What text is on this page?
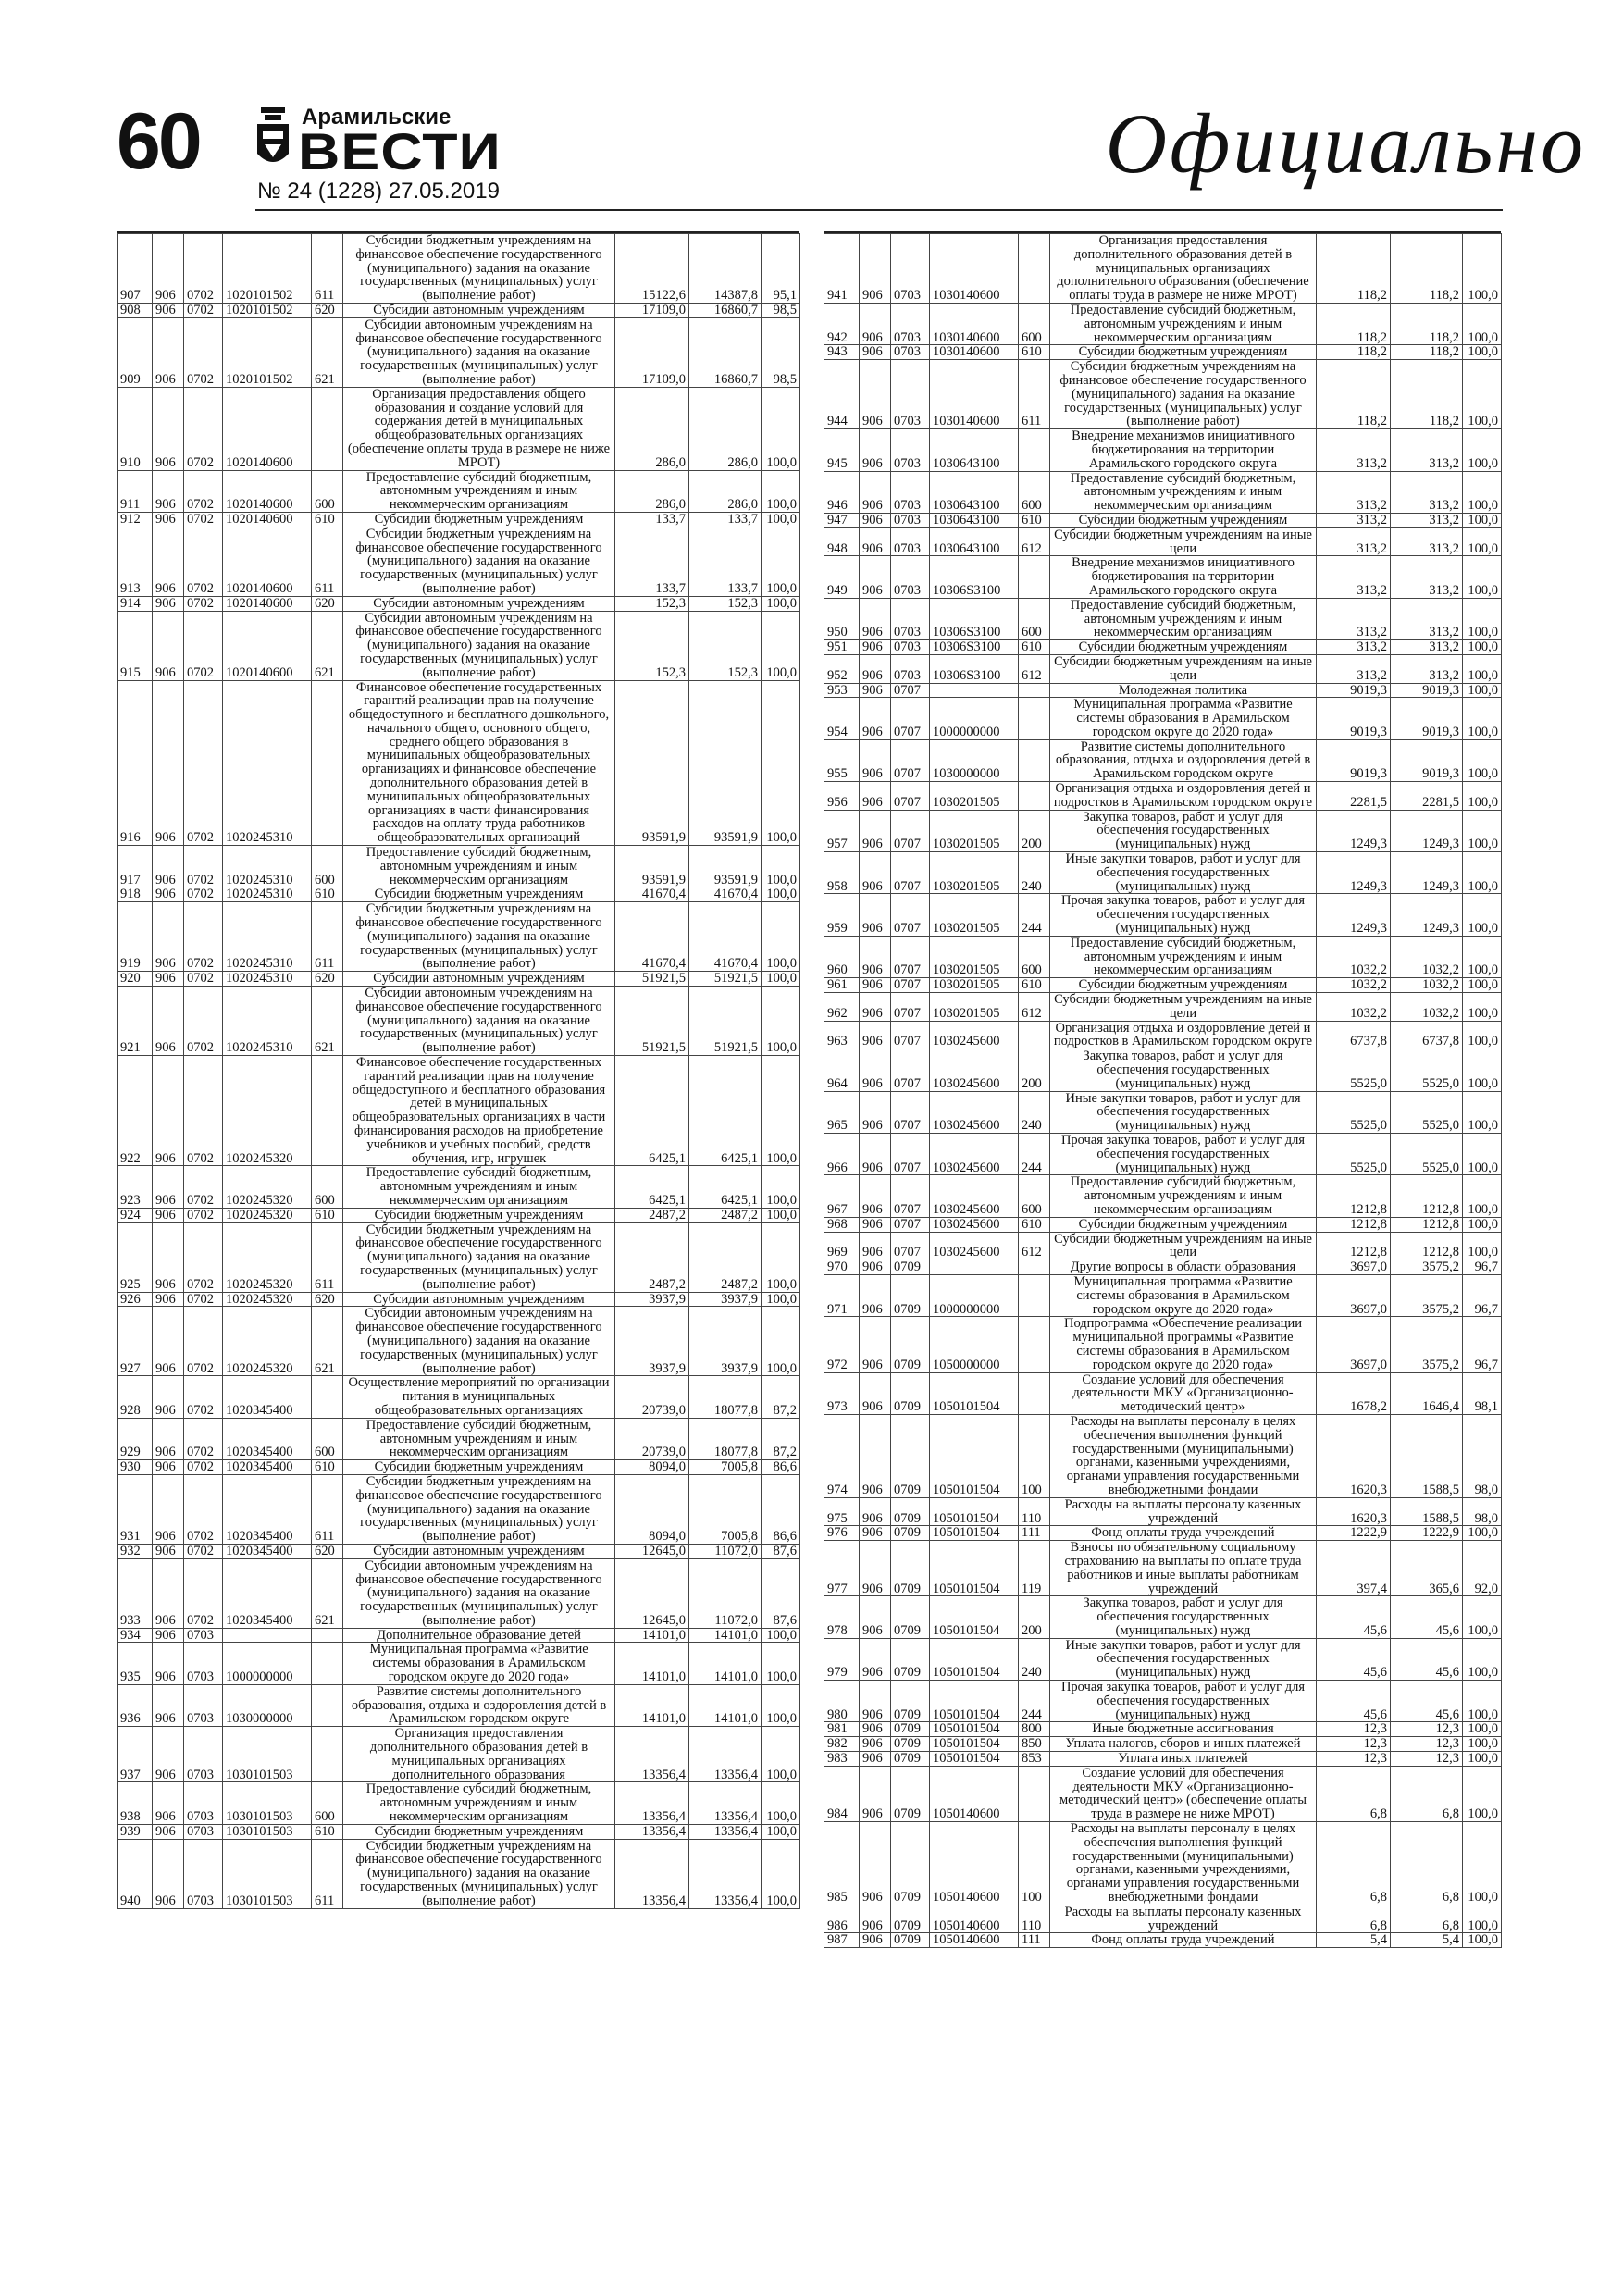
60	Арамильские
ВЕСТИ
№ 24 (1228) 27.05.2019
Официально
907	906	0702	1020101502	611	Субсидии бюджетным учреждениям на финансовое обеспечение государственного (муниципального) задания на оказание государственных (муниципальных) услуг (выполнение работ)	15122,6	14387,8	95,1
908	906	0702	1020101502	620	Субсидии автономным учреждениям	17109,0	16860,7	98,5
909	906	0702	1020101502	621	Субсидии автономным учреждениям на финансовое обеспечение государственного (муниципального) задания на оказание государственных (муниципальных) услуг (выполнение работ)	17109,0	16860,7	98,5
910	906	0702	1020140600		Организация предоставления общего образования и создание условий для содержания детей в муниципальных общеобразовательных организациях (обеспечение оплаты труда в размере не ниже МРОТ)	286,0	286,0	100,0
911	906	0702	1020140600	600	Предоставление субсидий бюджетным, автономным учреждениям и иным некоммерческим организациям	286,0	286,0	100,0
912	906	0702	1020140600	610	Субсидии бюджетным учреждениям	133,7	133,7	100,0
913	906	0702	1020140600	611	Субсидии бюджетным учреждениям на финансовое обеспечение государственного (муниципального) задания на оказание государственных (муниципальных) услуг (выполнение работ)	133,7	133,7	100,0
914	906	0702	1020140600	620	Субсидии автономным учреждениям	152,3	152,3	100,0
915	906	0702	1020140600	621	Субсидии автономным учреждениям на финансовое обеспечение государственного (муниципального) задания на оказание государственных (муниципальных) услуг (выполнение работ)	152,3	152,3	100,0
916	906	0702	1020245310		Финансовое обеспечение государственных гарантий реализации прав на получение общедоступного и бесплатного дошкольного, начального общего, основного общего, среднего общего образования в муниципальных общеобразовательных организациях и финансовое обеспечение дополнительного образования детей в муниципальных общеобразовательных организациях в части финансирования расходов на оплату труда работников общеобразовательных организаций	93591,9	93591,9	100,0
917	906	0702	1020245310	600	Предоставление субсидий бюджетным, автономным учреждениям и иным некоммерческим организациям	93591,9	93591,9	100,0
918	906	0702	1020245310	610	Субсидии бюджетным учреждениям	41670,4	41670,4	100,0
919	906	0702	1020245310	611	Субсидии бюджетным учреждениям на финансовое обеспечение государственного (муниципального) задания на оказание государственных (муниципальных) услуг (выполнение работ)	41670,4	41670,4	100,0
920	906	0702	1020245310	620	Субсидии автономным учреждениям	51921,5	51921,5	100,0
921	906	0702	1020245310	621	Субсидии автономным учреждениям на финансовое обеспечение государственного (муниципального) задания на оказание государственных (муниципальных) услуг (выполнение работ)	51921,5	51921,5	100,0
922	906	0702	1020245320		Финансовое обеспечение государственных гарантий реализации прав на получение общедоступного и бесплатного образования детей в муниципальных общеобразовательных организациях в части финансирования расходов на приобретение учебников и учебных пособий, средств обучения, игр, игрушек	6425,1	6425,1	100,0
923	906	0702	1020245320	600	Предоставление субсидий бюджетным, автономным учреждениям и иным некоммерческим организациям	6425,1	6425,1	100,0
924	906	0702	1020245320	610	Субсидии бюджетным учреждениям	2487,2	2487,2	100,0
925	906	0702	1020245320	611	Субсидии бюджетным учреждениям на финансовое обеспечение государственного (муниципального) задания на оказание государственных (муниципальных) услуг (выполнение работ)	2487,2	2487,2	100,0
926	906	0702	1020245320	620	Субсидии автономным учреждениям	3937,9	3937,9	100,0
927	906	0702	1020245320	621	Субсидии автономным учреждениям на финансовое обеспечение государственного (муниципального) задания на оказание государственных (муниципальных) услуг (выполнение работ)	3937,9	3937,9	100,0
928	906	0702	1020345400		Осуществление мероприятий по организации питания в муниципальных общеобразовательных организациях	20739,0	18077,8	87,2
929	906	0702	1020345400	600	Предоставление субсидий бюджетным, автономным учреждениям и иным некоммерческим организациям	20739,0	18077,8	87,2
930	906	0702	1020345400	610	Субсидии бюджетным учреждениям	8094,0	7005,8	86,6
931	906	0702	1020345400	611	Субсидии бюджетным учреждениям на финансовое обеспечение государственного (муниципального) задания на оказание государственных (муниципальных) услуг (выполнение работ)	8094,0	7005,8	86,6
932	906	0702	1020345400	620	Субсидии автономным учреждениям	12645,0	11072,0	87,6
933	906	0702	1020345400	621	Субсидии автономным учреждениям на финансовое обеспечение государственного (муниципального) задания на оказание государственных (муниципальных) услуг (выполнение работ)	12645,0	11072,0	87,6
934	906	0703			Дополнительное образование детей	14101,0	14101,0	100,0
935	906	0703	1000000000		Муниципальная программа «Развитие системы образования в Арамильском городском округе до 2020 года»	14101,0	14101,0	100,0
936	906	0703	1030000000		Развитие системы дополнительного образования, отдыха и оздоровления детей в Арамильском городском округе	14101,0	14101,0	100,0
937	906	0703	1030101503		Организация предоставления дополнительного образования детей в муниципальных организациях дополнительного образования	13356,4	13356,4	100,0
938	906	0703	1030101503	600	Предоставление субсидий бюджетным, автономным учреждениям и иным некоммерческим организациям	13356,4	13356,4	100,0
939	906	0703	1030101503	610	Субсидии бюджетным учреждениям	13356,4	13356,4	100,0
940	906	0703	1030101503	611	Субсидии бюджетным учреждениям на финансовое обеспечение государственного (муниципального) задания на оказание государственных (муниципальных) услуг (выполнение работ)	13356,4	13356,4	100,0
941	906	0703	1030140600		Организация предоставления дополнительного образования детей в муниципальных организациях дополнительного образования (обеспечение оплаты труда в размере не ниже МРОТ)	118,2	118,2	100,0
942	906	0703	1030140600	600	Предоставление субсидий бюджетным, автономным учреждениям и иным некоммерческим организациям	118,2	118,2	100,0
943	906	0703	1030140600	610	Субсидии бюджетным учреждениям	118,2	118,2	100,0
944	906	0703	1030140600	611	Субсидии бюджетным учреждениям на финансовое обеспечение государственного (муниципального) задания на оказание государственных (муниципальных) услуг (выполнение работ)	118,2	118,2	100,0
945	906	0703	1030643100		Внедрение механизмов инициативного бюджетирования на территории Арамильского городского округа	313,2	313,2	100,0
946	906	0703	1030643100	600	Предоставление субсидий бюджетным, автономным учреждениям и иным некоммерческим организациям	313,2	313,2	100,0
947	906	0703	1030643100	610	Субсидии бюджетным учреждениям	313,2	313,2	100,0
948	906	0703	1030643100	612	Субсидии бюджетным учреждениям на иные цели	313,2	313,2	100,0
949	906	0703	10306S3100		Внедрение механизмов инициативного бюджетирования на территории Арамильского городского округа	313,2	313,2	100,0
950	906	0703	10306S3100	600	Предоставление субсидий бюджетным, автономным учреждениям и иным некоммерческим организациям	313,2	313,2	100,0
951	906	0703	10306S3100	610	Субсидии бюджетным учреждениям	313,2	313,2	100,0
952	906	0703	10306S3100	612	Субсидии бюджетным учреждениям на иные цели	313,2	313,2	100,0
953	906	0707			Молодежная политика	9019,3	9019,3	100,0
954	906	0707	1000000000		Муниципальная программа «Развитие системы образования в Арамильском городском округе до 2020 года»	9019,3	9019,3	100,0
955	906	0707	1030000000		Развитие системы дополнительного образования, отдыха и оздоровления детей в Арамильском городском округе	9019,3	9019,3	100,0
956	906	0707	1030201505		Организация отдыха и оздоровления детей и подростков в Арамильском городском округе	2281,5	2281,5	100,0
957	906	0707	1030201505	200	Закупка товаров, работ и услуг для обеспечения государственных (муниципальных) нужд	1249,3	1249,3	100,0
958	906	0707	1030201505	240	Иные закупки товаров, работ и услуг для обеспечения государственных (муниципальных) нужд	1249,3	1249,3	100,0
959	906	0707	1030201505	244	Прочая закупка товаров, работ и услуг для обеспечения государственных (муниципальных) нужд	1249,3	1249,3	100,0
960	906	0707	1030201505	600	Предоставление субсидий бюджетным, автономным учреждениям и иным некоммерческим организациям	1032,2	1032,2	100,0
961	906	0707	1030201505	610	Субсидии бюджетным учреждениям	1032,2	1032,2	100,0
962	906	0707	1030201505	612	Субсидии бюджетным учреждениям на иные цели	1032,2	1032,2	100,0
963	906	0707	1030245600		Организация отдыха и оздоровление детей и подростков в Арамильском городском округе	6737,8	6737,8	100,0
964	906	0707	1030245600	200	Закупка товаров, работ и услуг для обеспечения государственных (муниципальных) нужд	5525,0	5525,0	100,0
965	906	0707	1030245600	240	Иные закупки товаров, работ и услуг для обеспечения государственных (муниципальных) нужд	5525,0	5525,0	100,0
966	906	0707	1030245600	244	Прочая закупка товаров, работ и услуг для обеспечения государственных (муниципальных) нужд	5525,0	5525,0	100,0
967	906	0707	1030245600	600	Предоставление субсидий бюджетным, автономным учреждениям и иным некоммерческим организациям	1212,8	1212,8	100,0
968	906	0707	1030245600	610	Субсидии бюджетным учреждениям	1212,8	1212,8	100,0
969	906	0707	1030245600	612	Субсидии бюджетным учреждениям на иные цели	1212,8	1212,8	100,0
970	906	0709			Другие вопросы в области образования	3697,0	3575,2	96,7
971	906	0709	1000000000		Муниципальная программа «Развитие системы образования в Арамильском городском округе до 2020 года»	3697,0	3575,2	96,7
972	906	0709	1050000000		Подпрограмма «Обеспечение реализации муниципальной программы «Развитие системы образования в Арамильском городском округе до 2020 года»	3697,0	3575,2	96,7
973	906	0709	1050101504		Создание условий для обеспечения деятельности МКУ «Организационно-методический центр»	1678,2	1646,4	98,1
974	906	0709	1050101504	100	Расходы на выплаты персоналу в целях обеспечения выполнения функций государственными (муниципальными) органами, казенными учреждениями, органами управления государственными внебюджетными фондами	1620,3	1588,5	98,0
975	906	0709	1050101504	110	Расходы на выплаты персоналу казенных учреждений	1620,3	1588,5	98,0
976	906	0709	1050101504	111	Фонд оплаты труда учреждений	1222,9	1222,9	100,0
977	906	0709	1050101504	119	Взносы по обязательному социальному страхованию на выплаты по оплате труда работников и иные выплаты работникам учреждений	397,4	365,6	92,0
978	906	0709	1050101504	200	Закупка товаров, работ и услуг для обеспечения государственных (муниципальных) нужд	45,6	45,6	100,0
979	906	0709	1050101504	240	Иные закупки товаров, работ и услуг для обеспечения государственных (муниципальных) нужд	45,6	45,6	100,0
980	906	0709	1050101504	244	Прочая закупка товаров, работ и услуг для обеспечения государственных (муниципальных) нужд	45,6	45,6	100,0
981	906	0709	1050101504	800	Иные бюджетные ассигнования	12,3	12,3	100,0
982	906	0709	1050101504	850	Уплата налогов, сборов и иных платежей	12,3	12,3	100,0
983	906	0709	1050101504	853	Уплата иных платежей	12,3	12,3	100,0
984	906	0709	1050140600		Создание условий для обеспечения деятельности МКУ «Организационно-методический центр» (обеспечение оплаты труда в размере не ниже МРОТ)	6,8	6,8	100,0
985	906	0709	1050140600	100	Расходы на выплаты персоналу в целях обеспечения выполнения функций государственными (муниципальными) органами, казенными учреждениями, органами управления государственными внебюджетными фондами	6,8	6,8	100,0
986	906	0709	1050140600	110	Расходы на выплаты персоналу казенных учреждений	6,8	6,8	100,0
987	906	0709	1050140600	111	Фонд оплаты труда учреждений	5,4	5,4	100,0
